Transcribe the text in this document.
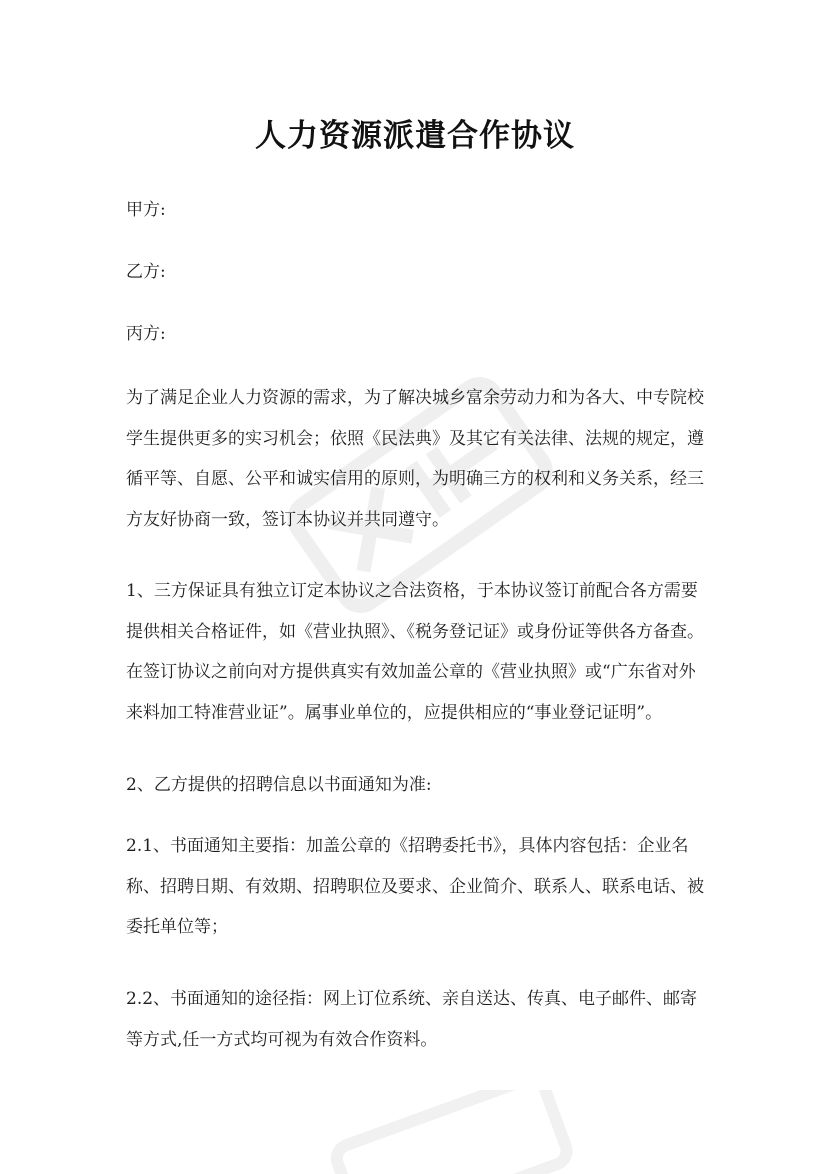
人力资源派遣合作协议
甲方:
乙方:
丙方:
为了满足企业人力资源的需求，为了解决城乡富余劳动力和为各大、中专院校学生提供更多的实习机会；依照《民法典》及其它有关法律、法规的规定，遵循平等、自愿、公平和诚实信用的原则，为明确三方的权利和义务关系，经三方友好协商一致，签订本协议并共同遵守。
1、三方保证具有独立订定本协议之合法资格，于本协议签订前配合各方需要提供相关合格证件，如《营业执照》、《税务登记证》或身份证等供各方备查。在签订协议之前向对方提供真实有效加盖公章的《营业执照》或“广东省对外来料加工特准营业证”。属事业单位的，应提供相应的“事业登记证明”。
2、乙方提供的招聘信息以书面通知为准:
2.1、书面通知主要指：加盖公章的《招聘委托书》，具体内容包括：企业名称、招聘日期、有效期、招聘职位及要求、企业简介、联系人、联系电话、被委托单位等；
2.2、书面通知的途径指：网上订位系统、亲自送达、传真、电子邮件、邮寄等方式,任一方式均可视为有效合作资料。
